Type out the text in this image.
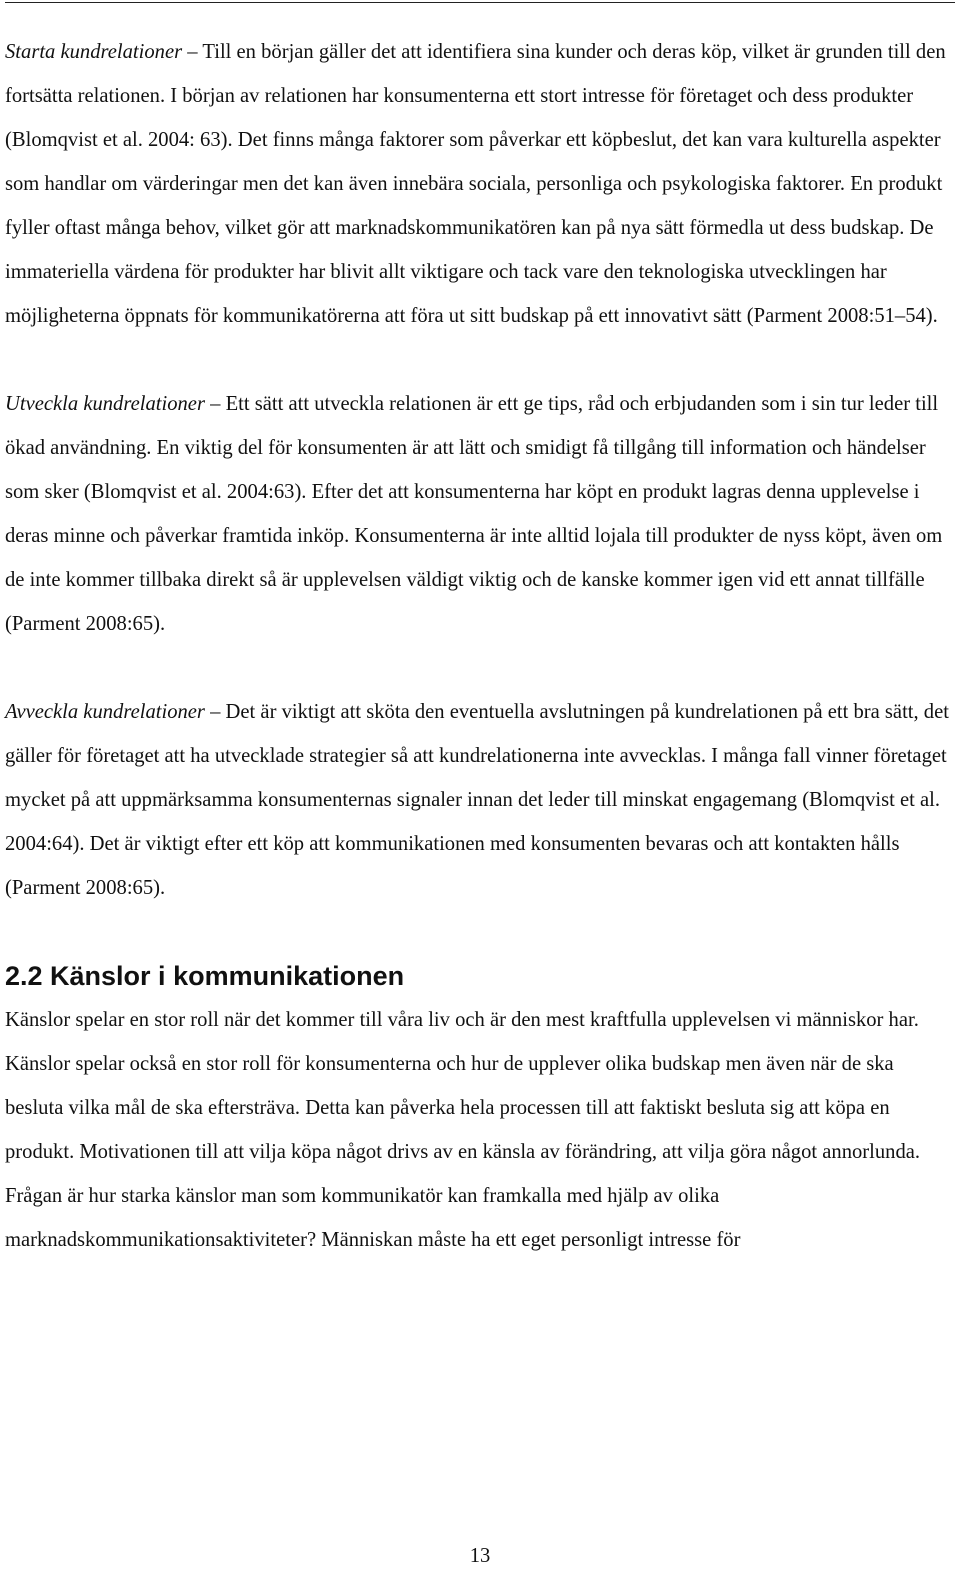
Starta kundrelationer – Till en början gäller det att identifiera sina kunder och deras köp, vilket är grunden till den fortsätta relationen. I början av relationen har konsumenterna ett stort intresse för företaget och dess produkter (Blomqvist et al. 2004: 63). Det finns många faktorer som påverkar ett köpbeslut, det kan vara kulturella aspekter som handlar om värderingar men det kan även innebära sociala, personliga och psykologiska faktorer. En produkt fyller oftast många behov, vilket gör att marknadskommunikatören kan på nya sätt förmedla ut dess budskap. De immateriella värdena för produkter har blivit allt viktigare och tack vare den teknologiska utvecklingen har möjligheterna öppnats för kommunikatörerna att föra ut sitt budskap på ett innovativt sätt (Parment 2008:51–54).

Utveckla kundrelationer – Ett sätt att utveckla relationen är ett ge tips, råd och erbjudanden som i sin tur leder till ökad användning. En viktig del för konsumenten är att lätt och smidigt få tillgång till information och händelser som sker (Blomqvist et al. 2004:63). Efter det att konsumenterna har köpt en produkt lagras denna upplevelse i deras minne och påverkar framtida inköp. Konsumenterna är inte alltid lojala till produkter de nyss köpt, även om de inte kommer tillbaka direkt så är upplevelsen väldigt viktig och de kanske kommer igen vid ett annat tillfälle (Parment 2008:65).

Avveckla kundrelationer – Det är viktigt att sköta den eventuella avslutningen på kundrelationen på ett bra sätt, det gäller för företaget att ha utvecklade strategier så att kundrelationerna inte avvecklas. I många fall vinner företaget mycket på att uppmärksamma konsumenternas signaler innan det leder till minskat engagemang (Blomqvist et al. 2004:64). Det är viktigt efter ett köp att kommunikationen med konsumenten bevaras och att kontakten hålls (Parment 2008:65).

2.2 Känslor i kommunikationen

Känslor spelar en stor roll när det kommer till våra liv och är den mest kraftfulla upplevelsen vi människor har. Känslor spelar också en stor roll för konsumenterna och hur de upplever olika budskap men även när de ska besluta vilka mål de ska eftersträva. Detta kan påverka hela processen till att faktiskt besluta sig att köpa en produkt. Motivationen till att vilja köpa något drivs av en känsla av förändring, att vilja göra något annorlunda. Frågan är hur starka känslor man som kommunikatör kan framkalla med hjälp av olika marknadskommunikationsaktiviteter? Människan måste ha ett eget personligt intresse för

13
